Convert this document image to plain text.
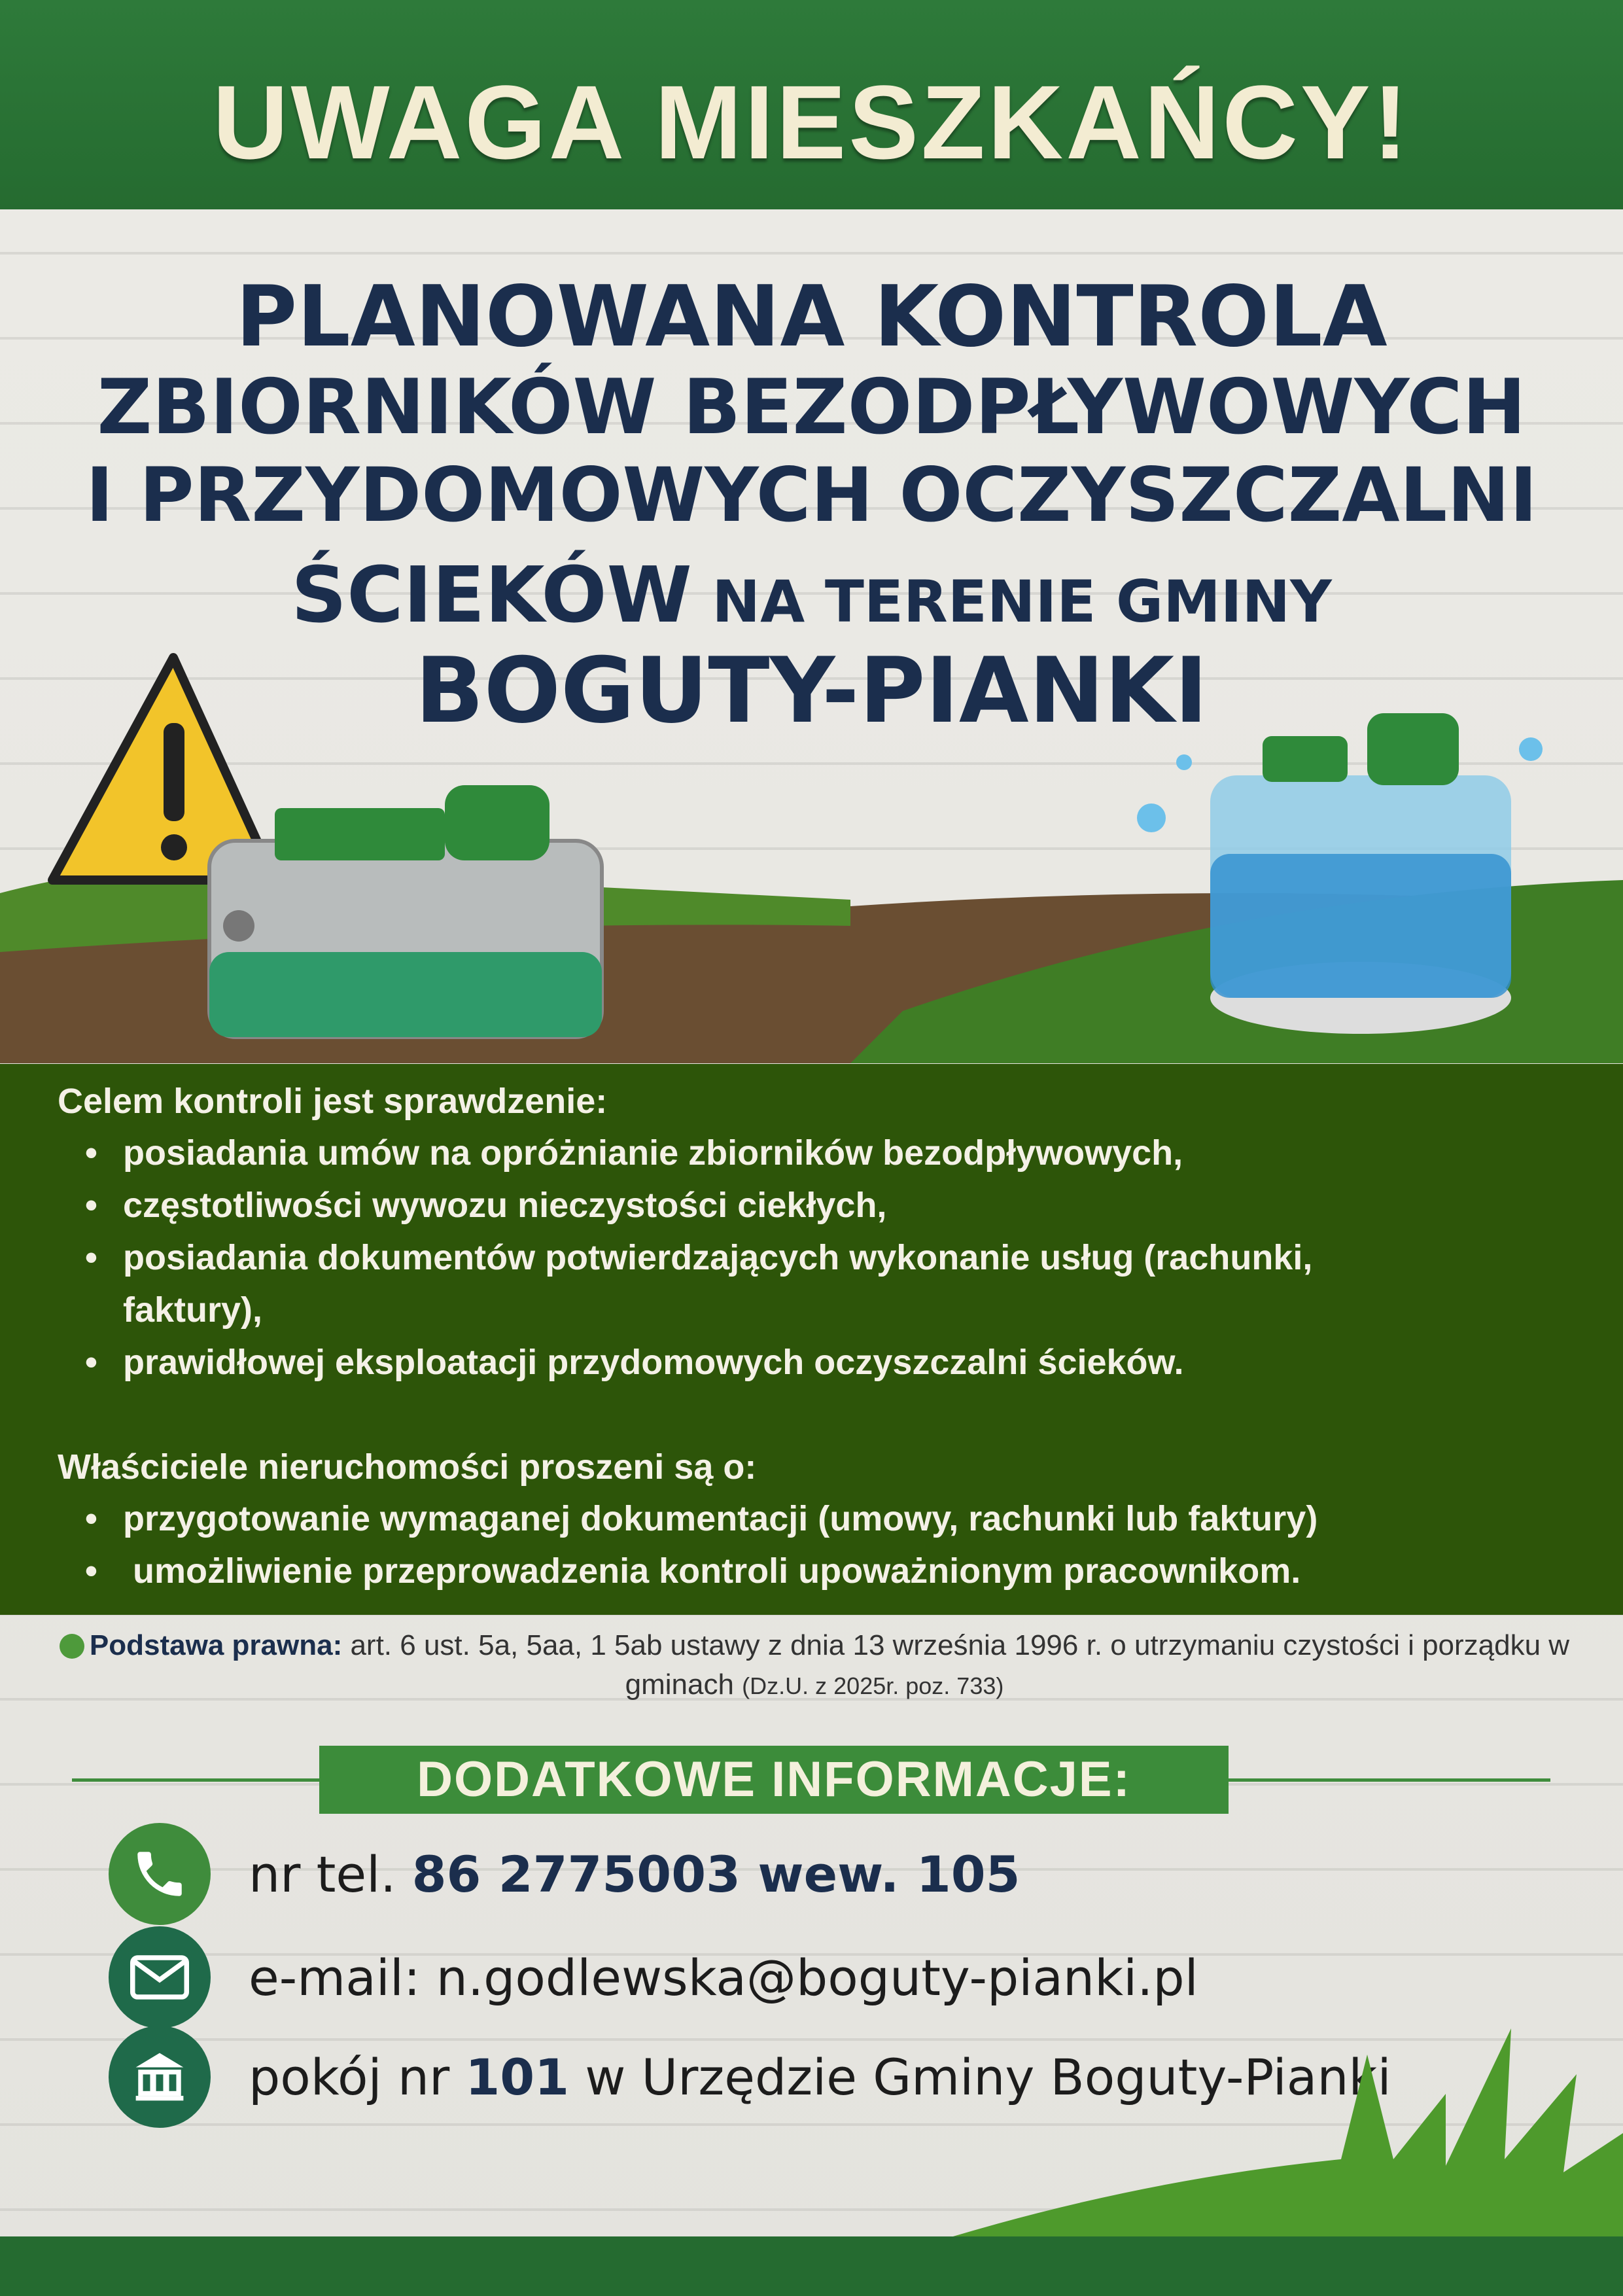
UWAGA MIESZKAŃCY!
PLANOWANA KONTROLA
ZBIORNIKÓW BEZODPŁYWOWYCH
I PRZYDOMOWYCH OCZYSZCZALNI
ŚCIEKÓW NA TERENIE GMINY
BOGUTY-PIANKI
Celem kontroli jest sprawdzenie:
• posiadania umów na opróżnianie zbiorników bezodpływowych,
• częstotliwości wywozu nieczystości ciekłych,
• posiadania dokumentów potwierdzających wykonanie usług (rachunki, faktury),
• prawidłowej eksploatacji przydomowych oczyszczalni ścieków.
Właściciele nieruchomości proszeni są o:
• przygotowanie wymaganej dokumentacji (umowy, rachunki lub faktury)
•  umożliwienie przeprowadzenia kontroli upoważnionym pracownikom.
Podstawa prawna: art. 6 ust. 5a, 5aa, 1 5ab ustawy z dnia 13 września 1996 r. o utrzymaniu czystości i porządku w gminach (Dz.U. z 2025r. poz. 733)
DODATKOWE INFORMACJE:
nr tel. 86 2775003 wew. 105
e-mail: n.godlewska@boguty-pianki.pl
pokój nr 101 w Urzędzie Gminy Boguty-Pianki
